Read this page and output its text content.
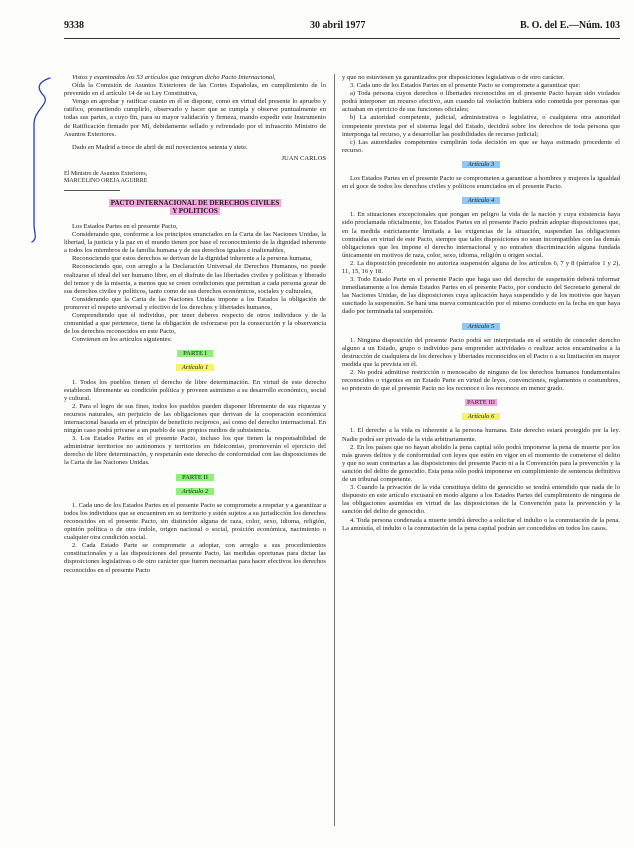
9338	30 abril 1977	B. O. del E.—Núm. 103

Vistos y examinados los 53 artículos que integran dicho Pacto Internacional,

Oída la Comisión de Asuntos Exteriores de las Cortes Españolas, en cumplimiento de lo prevenido en el artículo 14 de su Ley Constitutiva,

Vengo en aprobar y ratificar cuanto en él se dispone, como en virtud del presente lo apruebo y ratifico, prometiendo cumplirlo, observarlo y hacer que se cumpla y observe puntualmente en todas sus partes, a cuyo fin, para su mayor validación y firmeza, mando expedir este Instrumento de Ratificación firmado por Mí, debidamente sellado y refrendado por el infrascrito Ministro de Asuntos Exteriores.

Dado en Madrid a trece de abril de mil novecientos setenta y siete.

JUAN CARLOS
El Ministro de Asuntos Exteriores,
MARCELINO OREJA AGUIRRE
PACTO INTERNACIONAL DE DERECHOS CIVILES
Y POLITICOS

Los Estados Partes en el presente Pacto,

Considerando que, conforme a los principios enunciados en la Carta de las Naciones Unidas, la libertad, la justicia y la paz en el mundo tienen por base el reconocimiento de la dignidad inherente a todos los miembros de la familia humana y de sus derechos iguales e inalienables,

Reconociendo que estos derechos se derivan de la dignidad inherente a la persona humana,

Reconociendo que, con arreglo a la Declaración Universal de Derechos Humanos, no puede realizarse el ideal del ser humano libre, en el disfrute de las libertades civiles y políticas y liberado del temor y de la miseria, a menos que se creen condiciones que permitan a cada persona gozar de sus derechos civiles y políticos, tanto como de sus derechos económicos, sociales y culturales,

Considerando que la Carta de las Naciones Unidas impone a los Estados la obligación de promover el respeto universal y efectivo de los derechos y libertades humanos,

Comprendiendo que el individuo, por tener deberes respecto de otros individuos y de la comunidad a que pertenece, tiene la obligación de esforzarse por la consecución y la observancia de los derechos reconocidos en este Pacto,

Convienen en los artículos siguientes:

PARTE I
Artículo 1

1. Todos los pueblos tienen el derecho de libre determinación. En virtud de este derecho establecen libremente su condición política y proveen asimismo a su desarrollo económico, social y cultural.

2. Para el logro de sus fines, todos los pueblos pueden disponer libremente de sus riquezas y recursos naturales, sin perjuicio de las obligaciones que derivan de la cooperación económica internacional basada en el principio de beneficio recíproco, así como del derecho internacional. En ningún caso podrá privarse a un pueblo de sus propios medios de subsistencia.

3. Los Estados Partes en el presente Pacto, incluso los que tienen la responsabilidad de administrar territorios no autónomos y territorios en fideicomiso, promoverán el ejercicio del derecho de libre determinación, y respetarán este derecho de conformidad con las disposiciones de la Carta de las Naciones Unidas.

PARTE II
Artículo 2

1. Cada uno de los Estados Partes en el presente Pacto se compromete a respetar y a garantizar a todos los individuos que se encuentren en su territorio y estén sujetos a su jurisdicción los derechos reconocidos en el presente Pacto, sin distinción alguna de raza, color, sexo, idioma, religión, opinión política o de otra índole, origen nacional o social, posición económica, nacimiento o cualquier otra condición social.

2. Cada Estado Parte se compromete a adoptar, con arreglo a sus procedimientos constitucionales y a las disposiciones del presente Pacto, las medidas oportunas para dictar las disposiciones legislativas o de otro carácter que fueren necesarias para hacer efectivos los derechos reconocidos en el presente Pacto

y que no estuviesen ya garantizados por disposiciones legislativas o de otro carácter.

3. Cada uno de los Estados Partes en el presente Pacto se compromete a garantizar que:

a) Toda persona cuyos derechos o libertades reconocidos en el presente Pacto hayan sido violados podrá interponer un recurso efectivo, aun cuando tal violación hubiera sido cometida por personas que actuaban en ejercicio de sus funciones oficiales;

b) La autoridad competente, judicial, administrativa o legislativa, o cualquiera otra autoridad competente prevista por el sistema legal del Estado, decidirá sobre los derechos de toda persona que interponga tal recurso, y a desarrollar las posibilidades de recurso judicial;

c) Las autoridades competentes cumplirán toda decisión en que se haya estimado procedente el recurso.

Artículo 3

Los Estados Partes en el presente Pacto se comprometen a garantizar a hombres y mujeres la igualdad en el goce de todos los derechos civiles y políticos enunciados en el presente Pacto.

Artículo 4

1. En situaciones excepcionales que pongan en peligro la vida de la nación y cuya existencia haya sido proclamada oficialmente, los Estados Partes en el presente Pacto podrán adoptar disposiciones que, en la medida estrictamente limitada a las exigencias de la situación, suspendan las obligaciones contraídas en virtud de este Pacto, siempre que tales disposiciones no sean incompatibles con las demás obligaciones que les impone el derecho internacional y no entrañen discriminación alguna fundada únicamente en motivos de raza, color, sexo, idioma, religión u origen social.

2. La disposición precedente no autoriza suspensión alguna de los artículos 6, 7 y 8 (párrafos 1 y 2), 11, 15, 16 y 18.

3. Todo Estado Parte en el presente Pacto que haga uso del derecho de suspensión deberá informar inmediatamente a los demás Estados Partes en el presente Pacto, por conducto del Secretario general de las Naciones Unidas, de las disposiciones cuya aplicación haya suspendido y de los motivos que hayan suscitado la suspensión. Se hará una nueva comunicación por el mismo conducto en la fecha en que haya dado por terminada tal suspensión.

Artículo 5

1. Ninguna disposición del presente Pacto podrá ser interpretada en el sentido de conceder derecho alguno a un Estado, grupo o individuo para emprender actividades o realizar actos encaminados a la destrucción de cualquiera de los derechos y libertades reconocidos en el Pacto o a su limitación en mayor medida que la prevista en él.

2. No podrá admitirse restricción o menoscabo de ninguno de los derechos humanos fundamentales reconocidos o vigentes en un Estado Parte en virtud de leyes, convenciones, reglamentos o costumbres, so pretexto de que el presente Pacto no los reconoce o los reconoce en menor grado.

PARTE III
Artículo 6

1. El derecho a la vida es inherente a la persona humana. Este derecho estará protegido por la ley. Nadie podrá ser privado de la vida arbitrariamente.

2. En los países que no hayan abolido la pena capital sólo podrá imponerse la pena de muerte por los más graves delitos y de conformidad con leyes que estén en vigor en el momento de cometerse el delito y que no sean contrarias a las disposiciones del presente Pacto ni a la Convención para la prevención y la sanción del delito de genocidio. Esta pena sólo podrá imponerse en cumplimiento de sentencia definitiva de un tribunal competente.

3. Cuando la privación de la vida constituya delito de genocidio se tendrá entendido que nada de lo dispuesto en este artículo excusará en modo alguno a los Estados Partes del cumplimiento de ninguna de las obligaciones asumidas en virtud de las disposiciones de la Convención para la prevención y la sanción del delito de genocidio.

4. Toda persona condenada a muerte tendrá derecho a solicitar el indulto o la conmutación de la pena. La amnistía, el indulto o la conmutación de la pena capital podrán ser concedidos en todos los casos.
